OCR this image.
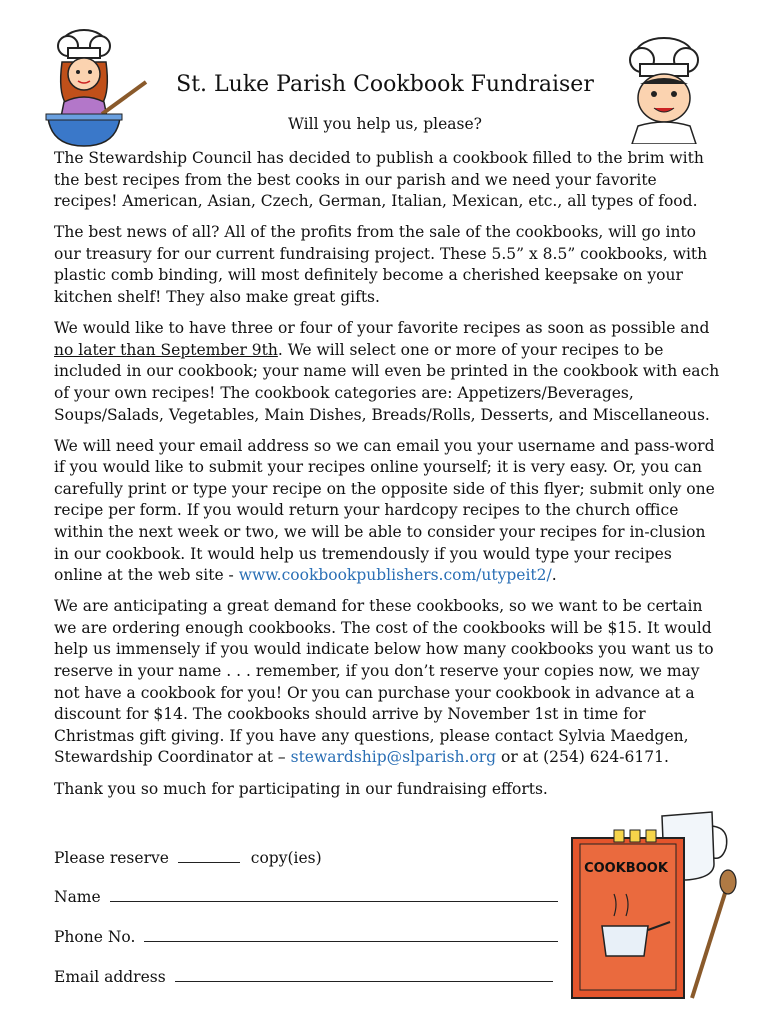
St. Luke Parish Cookbook Fundraiser
Will you help us, please?

The Stewardship Council has decided to publish a cookbook filled to the brim with the best recipes from the best cooks in our parish and we need your favorite recipes! American, Asian, Czech, German, Italian, Mexican, etc., all types of food.

The best news of all? All of the profits from the sale of the cookbooks, will go into our treasury for our current fundraising project. These 5.5” x 8.5” cookbooks, with plastic comb binding, will most definitely become a cherished keepsake on your kitchen shelf! They also make great gifts.

We would like to have three or four of your favorite recipes as soon as possible and no later than September 9th. We will select one or more of your recipes to be included in our cookbook; your name will even be printed in the cookbook with each of your own recipes! The cookbook categories are: Appetizers/Beverages, Soups/Salads, Vegetables, Main Dishes, Breads/Rolls, Desserts, and Miscellaneous.

We will need your email address so we can email you your username and pass-word if you would like to submit your recipes online yourself; it is very easy. Or, you can carefully print or type your recipe on the opposite side of this flyer; submit only one recipe per form. If you would return your hardcopy recipes to the church office within the next week or two, we will be able to consider your recipes for in-clusion in our cookbook. It would help us tremendously if you would type your recipes online at the web site - www.cookbookpublishers.com/utypeit2/.

We are anticipating a great demand for these cookbooks, so we want to be certain we are ordering enough cookbooks. The cost of the cookbooks will be $15. It would help us immensely if you would indicate below how many cookbooks you want us to reserve in your name . . . remember, if you don’t reserve your copies now, we may not have a cookbook for you! Or you can purchase your cookbook in advance at a discount for $14. The cookbooks should arrive by November 1st in time for Christmas gift giving. If you have any questions, please contact Sylvia Maedgen, Stewardship Coordinator at – stewardship@slparish.org or at (254) 624-6171.

Thank you so much for participating in our fundraising efforts.

Please reserve	copy(ies)
Name
Phone No.
Email address
COOKBOOK
